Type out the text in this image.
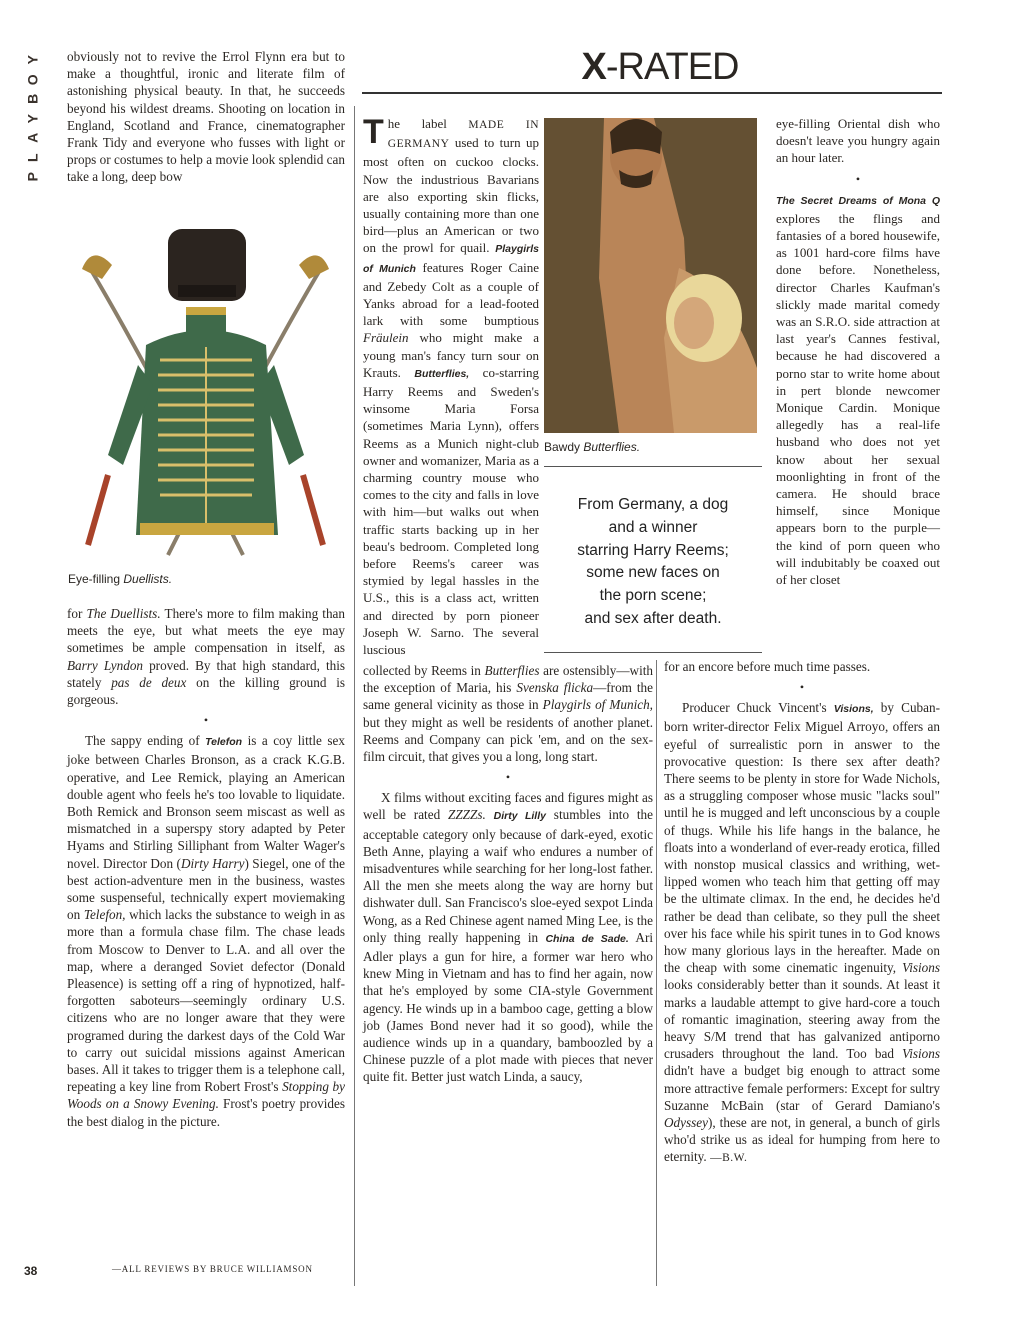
Y
O
B
Y
A
L
P
38
X-RATED

obviously not to revive the Errol Flynn era but to make a thoughtful, ironic and literate film of astonishing physical beauty. In that, he succeeds beyond his wildest dreams. Shooting on location in England, Scotland and France, cinematographer Frank Tidy and everyone who fusses with light or props or costumes to help a movie look splendid can take a long, deep bow

Eye-filling Duellists.

for The Duellists. There's more to film making than meets the eye, but what meets the eye may sometimes be ample compensation in itself, as Barry Lyndon proved. By that high standard, this stately pas de deux on the killing ground is gorgeous.

•

The sappy ending of Telefon is a coy little sex joke between Charles Bronson, as a crack K.G.B. operative, and Lee Remick, playing an American double agent who feels he's too lovable to liquidate. Both Remick and Bronson seem miscast as well as mismatched in a superspy story adapted by Peter Hyams and Stirling Silliphant from Walter Wager's novel. Director Don (Dirty Harry) Siegel, one of the best action-adventure men in the business, wastes some suspenseful, technically expert moviemaking on Telefon, which lacks the substance to weigh in as more than a formula chase film. The chase leads from Moscow to Denver to L.A. and all over the map, where a deranged Soviet defector (Donald Pleasence) is setting off a ring of hypnotized, half-forgotten saboteurs—seemingly ordinary U.S. citizens who are no longer aware that they were programed during the darkest days of the Cold War to carry out suicidal missions against American bases. All it takes to trigger them is a telephone call, repeating a key line from Robert Frost's Stopping by Woods on a Snowy Evening. Frost's poetry provides the best dialog in the picture.

—ALL REVIEWS BY BRUCE WILLIAMSON
The label MADE IN GERMANY used to turn up most often on cuckoo clocks. Now the industrious Bavarians are also exporting skin flicks, usually containing more than one bird—plus an American or two on the prowl for quail. Playgirls of Munich features Roger Caine and Zebedy Colt as a couple of Yanks abroad for a lead-footed lark with some bumptious Fräulein who might make a young man's fancy turn sour on Krauts. Butterflies, co-starring Harry Reems and Sweden's winsome Maria Forsa (sometimes Maria Lynn), offers Reems as a Munich night-club owner and womanizer, Maria as a charming country mouse who comes to the city and falls in love with him—but walks out when traffic starts backing up in her beau's bedroom. Completed long before Reems's career was stymied by legal hassles in the U.S., this is a class act, written and directed by porn pioneer Joseph W. Sarno. The several luscious
Bawdy Butterflies.
From Germany, a dog
and a winner
starring Harry Reems;
some new faces on
the porn scene;
and sex after death.

collected by Reems in Butterflies are ostensibly—with the exception of Maria, his Svenska flicka—from the same general vicinity as those in Playgirls of Munich, but they might as well be residents of another planet. Reems and Company can pick 'em, and on the sex-film circuit, that gives you a long, long start.

•

X films without exciting faces and figures might as well be rated ZZZZs. Dirty Lilly stumbles into the acceptable category only because of dark-eyed, exotic Beth Anne, playing a waif who endures a number of misadventures while searching for her long-lost father. All the men she meets along the way are horny but dishwater dull. San Francisco's sloe-eyed sexpot Linda Wong, as a Red Chinese agent named Ming Lee, is the only thing really happening in China de Sade. Ari Adler plays a gun for hire, a former war hero who knew Ming in Vietnam and has to find her again, now that he's employed by some CIA-style Government agency. He winds up in a bamboo cage, getting a blow job (James Bond never had it so good), while the audience winds up in a quandary, bamboozled by a Chinese puzzle of a plot made with pieces that never quite fit. Better just watch Linda, a saucy,

eye-filling Oriental dish who doesn't leave you hungry again an hour later.

•

The Secret Dreams of Mona Q explores the flings and fantasies of a bored housewife, as 1001 hard-core films have done before. Nonetheless, director Charles Kaufman's slickly made marital comedy was an S.R.O. side attraction at last year's Cannes festival, because he had discovered a porno star to write home about in pert blonde newcomer Monique Cardin. Monique allegedly has a real-life husband who does not yet know about her sexual moonlighting in front of the camera. He should brace himself, since Monique appears born to the purple—the kind of porn queen who will indubitably be coaxed out of her closet

for an encore before much time passes.

•

Producer Chuck Vincent's Visions, by Cuban-born writer-director Felix Miguel Arroyo, offers an eyeful of surrealistic porn in answer to the provocative question: Is there sex after death? There seems to be plenty in store for Wade Nichols, as a struggling composer whose music "lacks soul" until he is mugged and left unconscious by a couple of thugs. While his life hangs in the balance, he floats into a wonderland of ever-ready erotica, filled with nonstop musical classics and writhing, wet-lipped women who teach him that getting off may be the ultimate climax. In the end, he decides he'd rather be dead than celibate, so they pull the sheet over his face while his spirit tunes in to God knows how many glorious lays in the hereafter. Made on the cheap with some cinematic ingenuity, Visions looks considerably better than it sounds. At least it marks a laudable attempt to give hard-core a touch of romantic imagination, steering away from the heavy S/M trend that has galvanized antiporno crusaders throughout the land. Too bad Visions didn't have a budget big enough to attract some more attractive female performers: Except for sultry Suzanne McBain (star of Gerard Damiano's Odyssey), these are not, in general, a bunch of girls who'd strike us as ideal for humping from here to eternity. —B.W.
